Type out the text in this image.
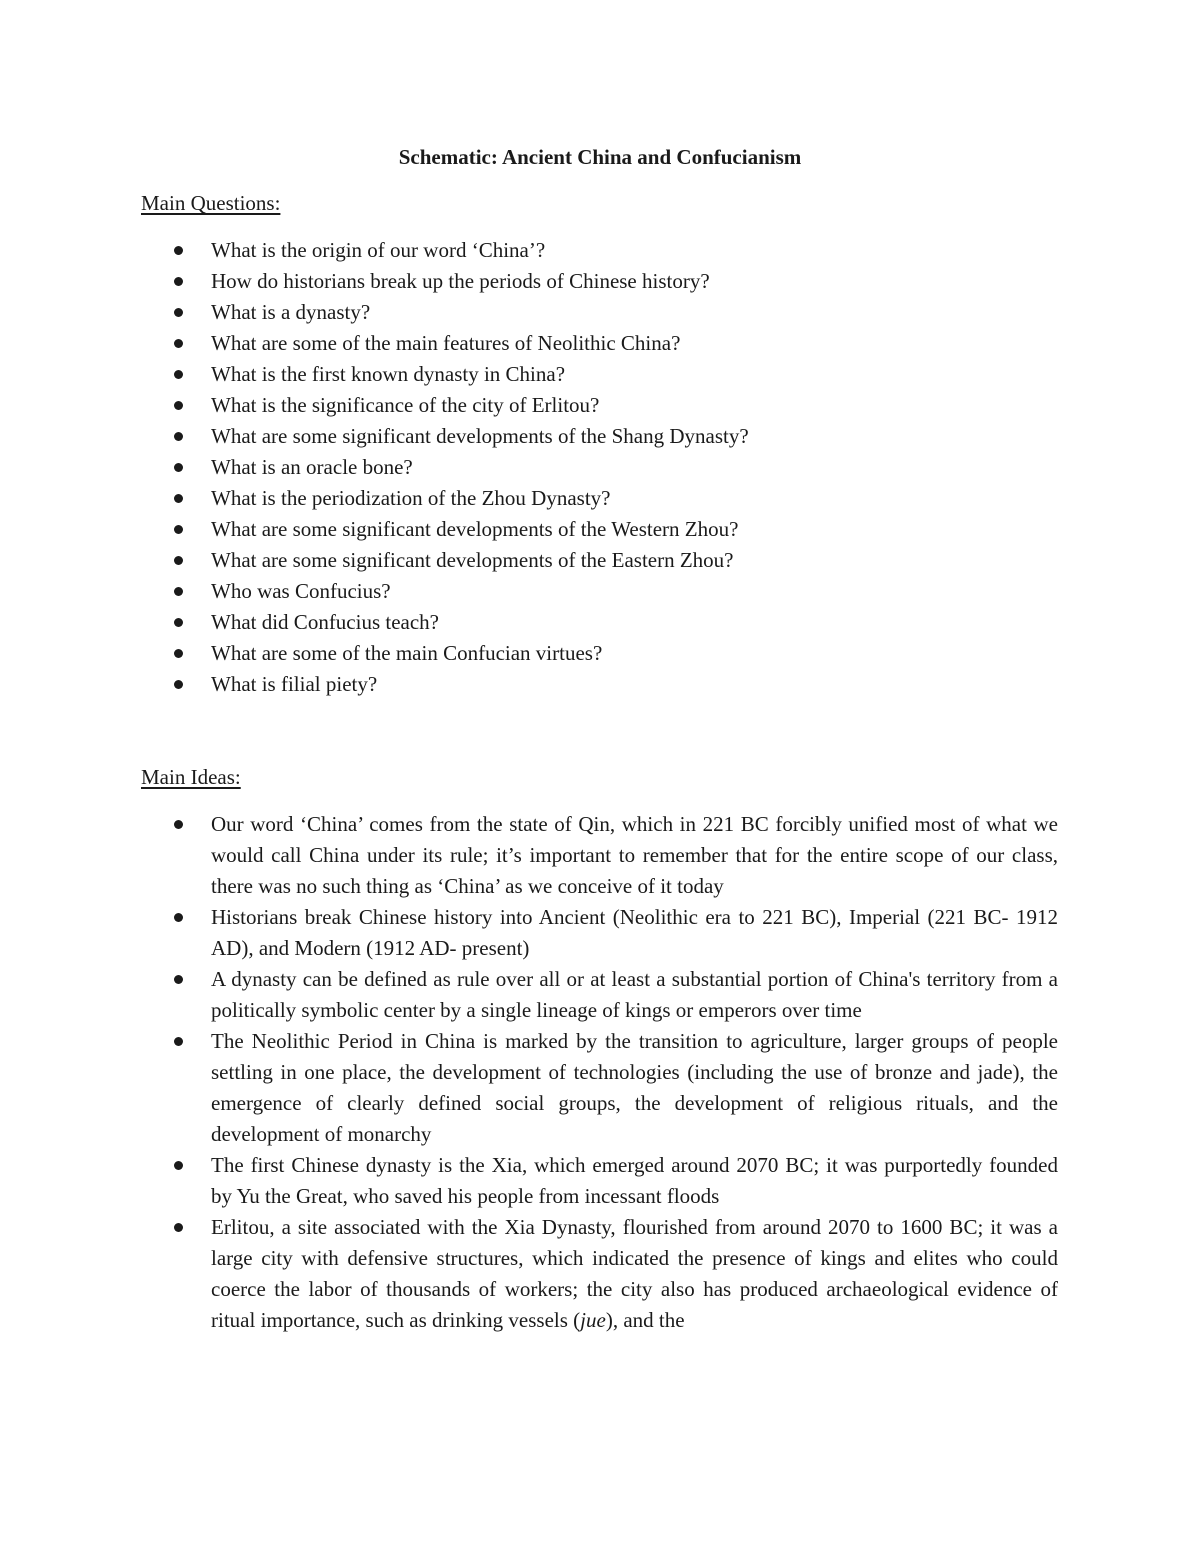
Schematic: Ancient China and Confucianism
Main Questions:
What is the origin of our word ‘China’?
How do historians break up the periods of Chinese history?
What is a dynasty?
What are some of the main features of Neolithic China?
What is the first known dynasty in China?
What is the significance of the city of Erlitou?
What are some significant developments of the Shang Dynasty?
What is an oracle bone?
What is the periodization of the Zhou Dynasty?
What are some significant developments of the Western Zhou?
What are some significant developments of the Eastern Zhou?
Who was Confucius?
What did Confucius teach?
What are some of the main Confucian virtues?
What is filial piety?
Main Ideas:
Our word ‘China’ comes from the state of Qin, which in 221 BC forcibly unified most of what we would call China under its rule; it’s important to remember that for the entire scope of our class, there was no such thing as ‘China’ as we conceive of it today
Historians break Chinese history into Ancient (Neolithic era to 221 BC), Imperial (221 BC- 1912 AD), and Modern (1912 AD- present)
A dynasty can be defined as rule over all or at least a substantial portion of China's territory from a politically symbolic center by a single lineage of kings or emperors over time
The Neolithic Period in China is marked by the transition to agriculture, larger groups of people settling in one place, the development of technologies (including the use of bronze and jade), the emergence of clearly defined social groups, the development of religious rituals, and the development of monarchy
The first Chinese dynasty is the Xia, which emerged around 2070 BC; it was purportedly founded by Yu the Great, who saved his people from incessant floods
Erlitou, a site associated with the Xia Dynasty, flourished from around 2070 to 1600 BC; it was a large city with defensive structures, which indicated the presence of kings and elites who could coerce the labor of thousands of workers; the city also has produced archaeological evidence of ritual importance, such as drinking vessels (jue), and the
